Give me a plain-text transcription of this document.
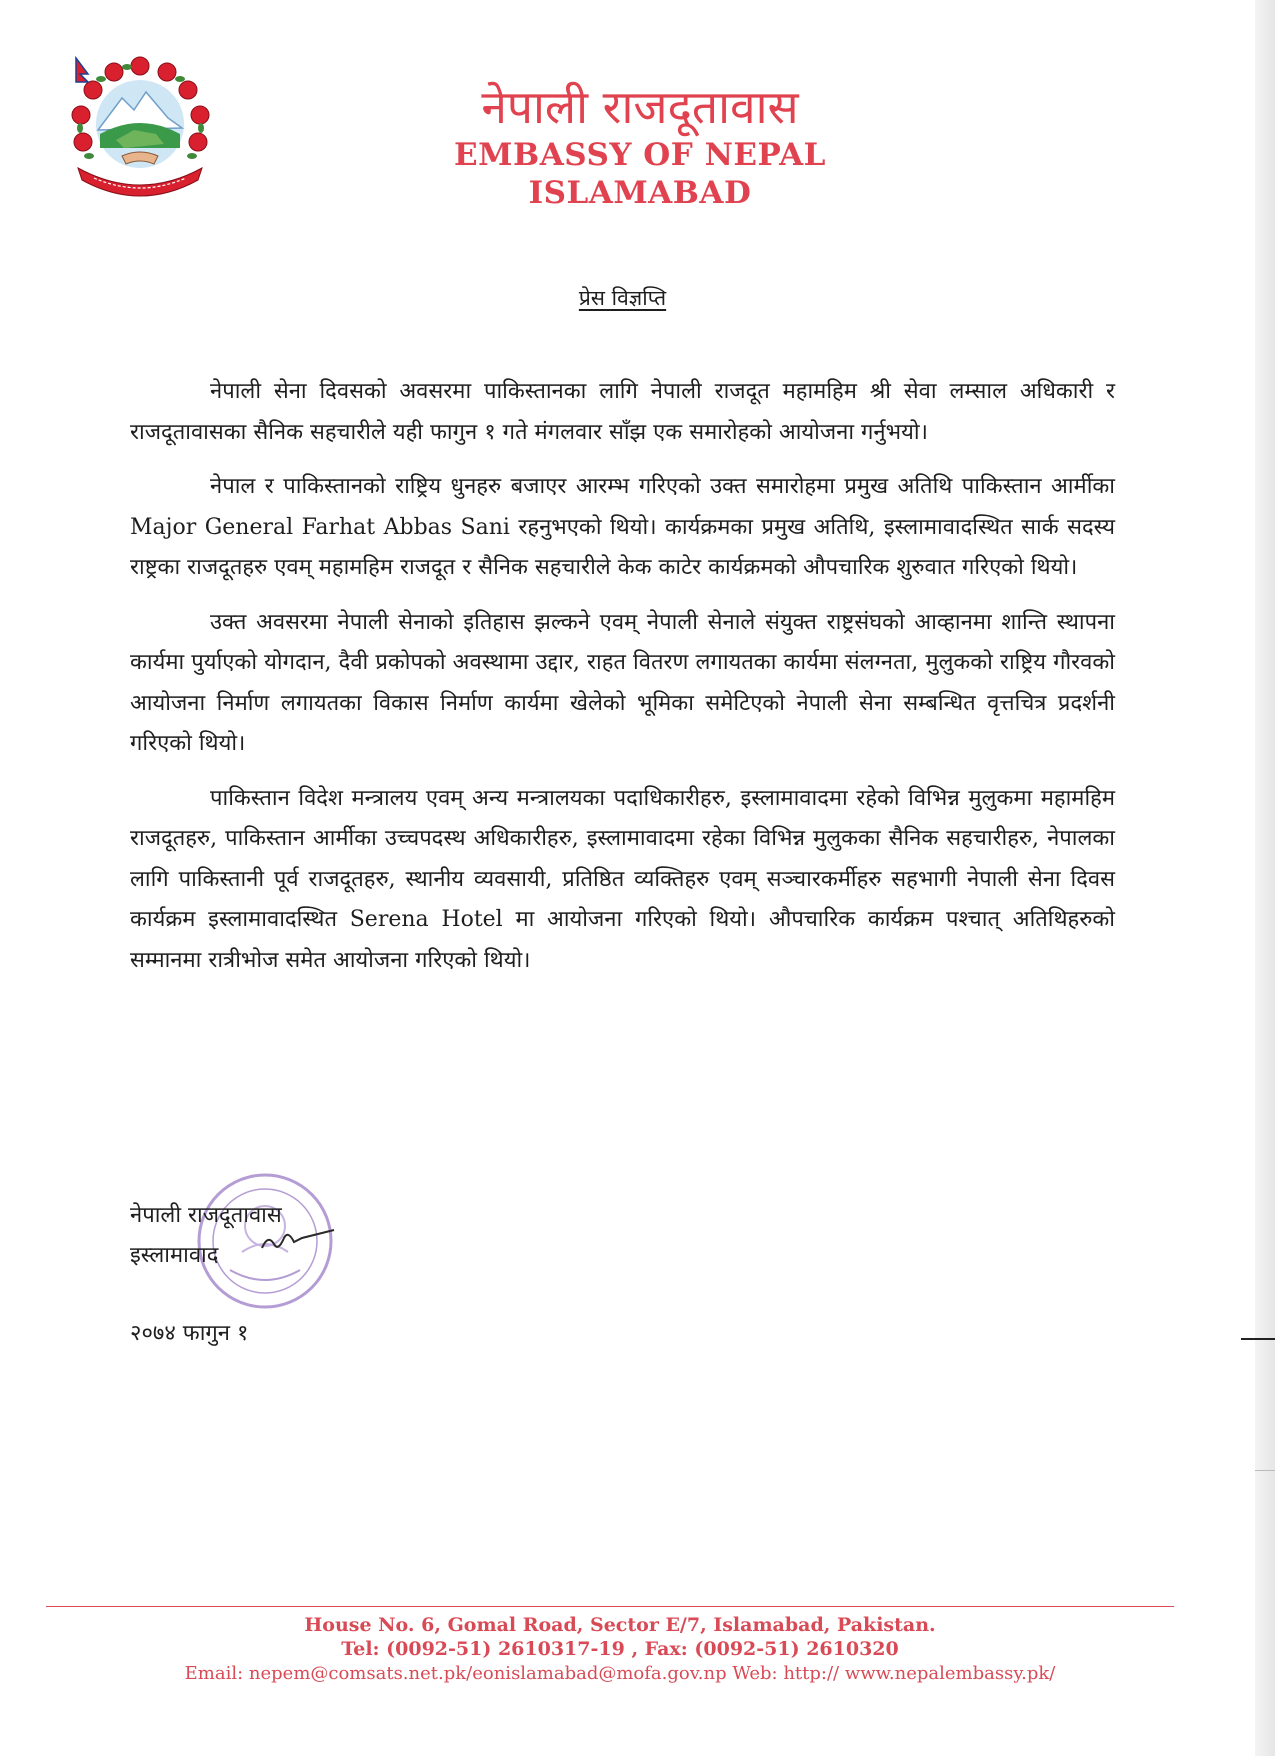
नेपाली राजदूतावास
EMBASSY OF NEPAL
ISLAMABAD
प्रेस विज्ञप्ति

नेपाली सेना दिवसको अवसरमा पाकिस्तानका लागि नेपाली राजदूत महामहिम श्री सेवा लम्साल अधिकारी र राजदूतावासका सैनिक सहचारीले यही फागुन १ गते मंगलवार साँझ एक समारोहको आयोजना गर्नुभयो।

नेपाल र पाकिस्तानको राष्ट्रिय धुनहरु बजाएर आरम्भ गरिएको उक्त समारोहमा प्रमुख अतिथि पाकिस्तान आर्मीका Major General Farhat Abbas Sani रहनुभएको थियो। कार्यक्रमका प्रमुख अतिथि, इस्लामावादस्थित सार्क सदस्य राष्ट्रका राजदूतहरु एवम् महामहिम राजदूत र सैनिक सहचारीले केक काटेर कार्यक्रमको औपचारिक शुरुवात गरिएको थियो।

उक्त अवसरमा नेपाली सेनाको इतिहास झल्कने एवम् नेपाली सेनाले संयुक्त राष्ट्रसंघको आव्हानमा शान्ति स्थापना कार्यमा पुर्याएको योगदान, दैवी प्रकोपको अवस्थामा उद्दार, राहत वितरण लगायतका कार्यमा संलग्नता, मुलुकको राष्ट्रिय गौरवको आयोजना निर्माण लगायतका विकास निर्माण कार्यमा खेलेको भूमिका समेटिएको नेपाली सेना सम्बन्धित वृत्तचित्र प्रदर्शनी गरिएको थियो।

पाकिस्तान विदेश मन्त्रालय एवम् अन्य मन्त्रालयका पदाधिकारीहरु, इस्लामावादमा रहेको विभिन्न मुलुकमा महामहिम राजदूतहरु, पाकिस्तान आर्मीका उच्चपदस्थ अधिकारीहरु, इस्लामावादमा रहेका विभिन्न मुलुकका सैनिक सहचारीहरु, नेपालका लागि पाकिस्तानी पूर्व राजदूतहरु, स्थानीय व्यवसायी, प्रतिष्ठित व्यक्तिहरु एवम् सञ्चारकर्मीहरु सहभागी नेपाली सेना दिवस कार्यक्रम इस्लामावादस्थित Serena Hotel मा आयोजना गरिएको थियो। औपचारिक कार्यक्रम पश्चात् अतिथिहरुको सम्मानमा रात्रीभोज समेत आयोजना गरिएको थियो।

नेपाली राजदूतावास
इस्लामावाद
२०७४ फागुन १
House No. 6, Gomal Road, Sector E/7, Islamabad, Pakistan.
Tel: (0092-51) 2610317-19 , Fax: (0092-51) 2610320
Email: nepem@comsats.net.pk/eonislamabad@mofa.gov.np Web: http:// www.nepalembassy.pk/
